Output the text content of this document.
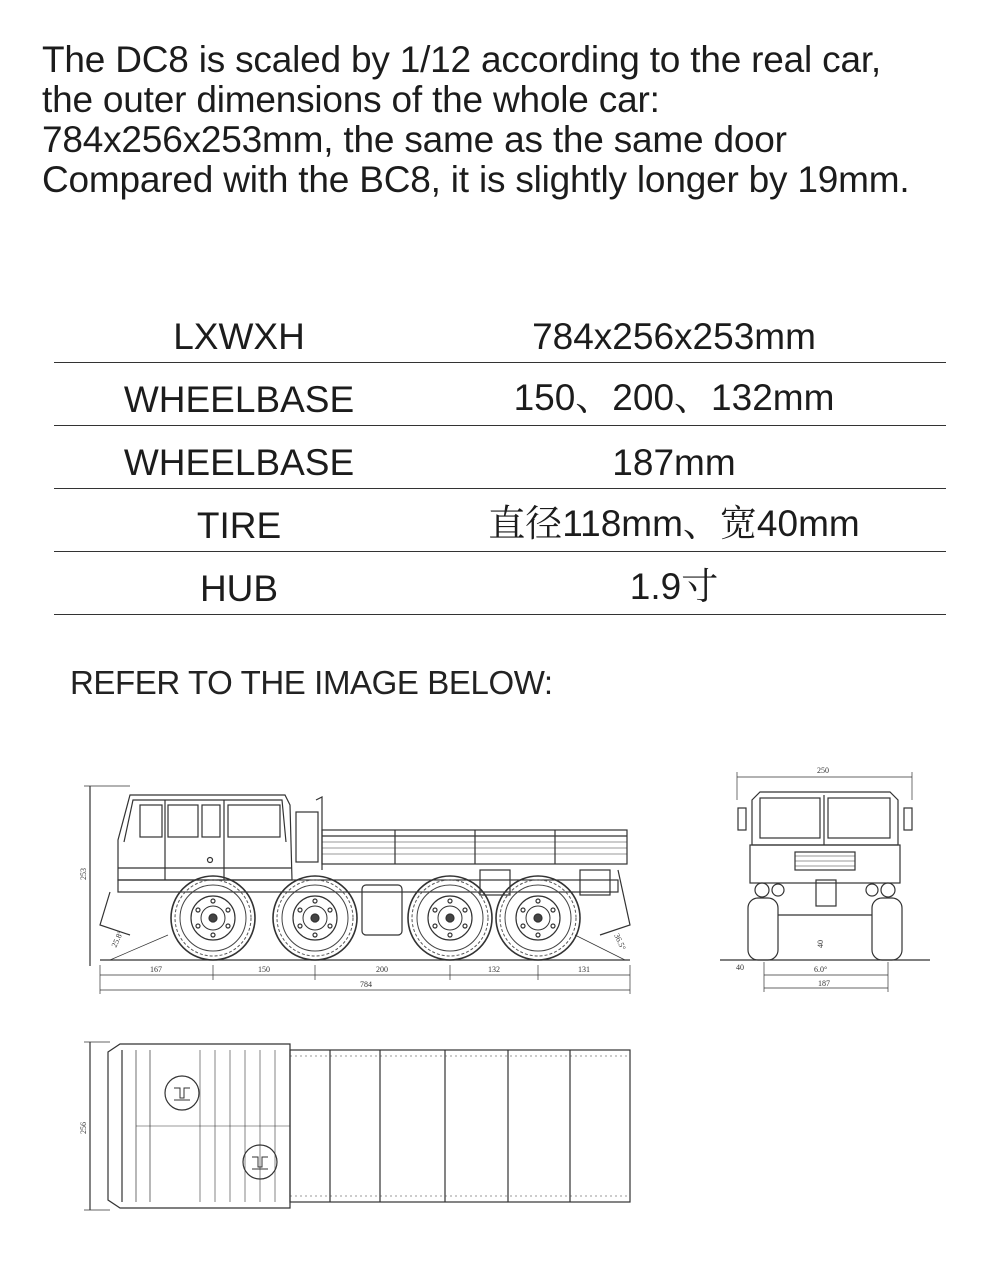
The DC8 is scaled by 1/12 according to the real car,
the outer dimensions of the whole car:
784x256x253mm, the same as the same door
Compared with the BC8, it is slightly longer by 19mm.
LXWXH	784x256x253mm
WHEELBASE	150、200、132mm
WHEELBASE	187mm
TIRE	直径118mm、宽40mm
HUB	1.9寸
REFER TO THE IMAGE BELOW:
253
25.8°	36.5°
167	150	200	132	131
784
250
40
40
6.0°
187
256
